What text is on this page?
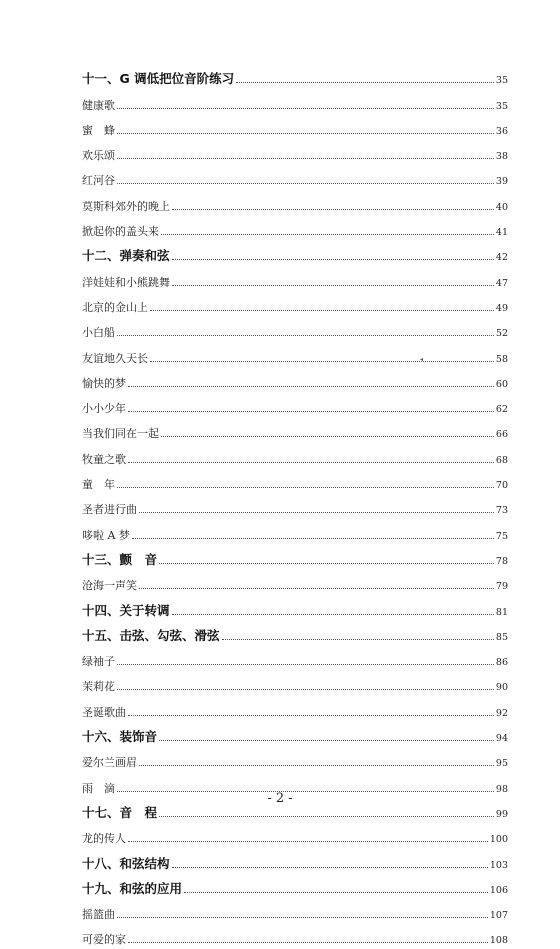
十一、G 调低把位音阶练习	35
健康歌	35
蜜　蜂	36
欢乐颂	38
红河谷	39
莫斯科郊外的晚上	40
掀起你的盖头来	41
十二、弹奏和弦	42
洋娃娃和小熊跳舞	47
北京的金山上	49
小白船	52
友谊地久天长	58
愉快的梦	60
小小少年	62
当我们同在一起	66
牧童之歌	68
童　年	70
圣者进行曲	73
哆啦 A 梦	75
十三、颤　音	78
沧海一声笑	79
十四、关于转调	81
十五、击弦、勾弦、滑弦	85
绿袖子	86
茉莉花	90
圣诞歌曲	92
十六、装饰音	94
爱尔兰画眉	95
雨　滴	98
十七、音　程	99
龙的传人	100
十八、和弦结构	103
十九、和弦的应用	106
摇篮曲	107
可爱的家	108
◂
- 2 -
